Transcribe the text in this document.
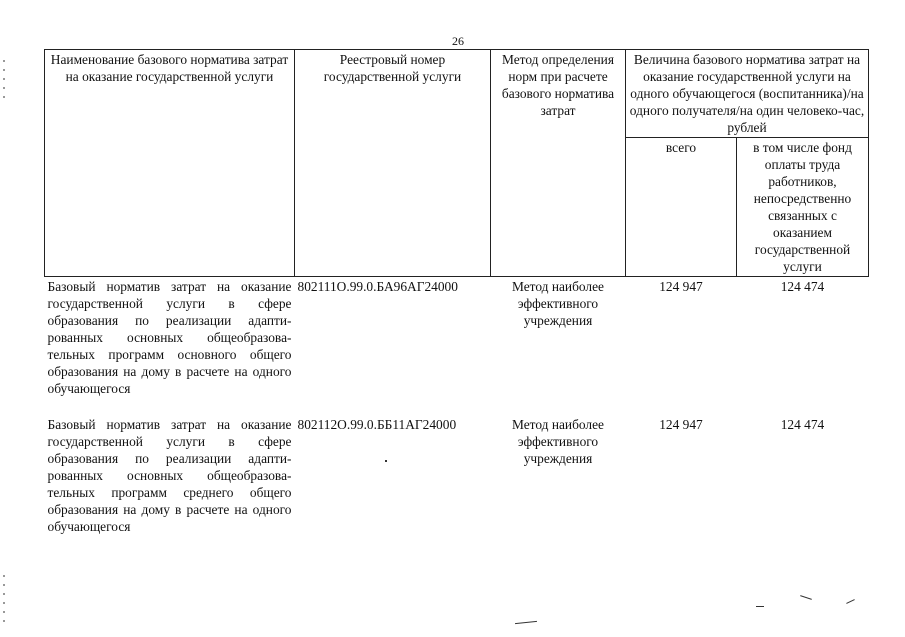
26
Наименование базового норматива затрат на оказание государственной услуги	Реестровый номер государственной услуги	Метод определения норм при расчете базового норматива затрат	Величина базового норматива затрат на оказание государственной услуги на одного обучающегося (воспитанника)/на одного получателя/на один человеко-час, рублей	
			всего	в том числе фонд оплаты труда работников, непосредственно связанных с оказанием государственной услуги
Базовый норматив затрат на оказание государственной услуги в сфере образования по реализации адаптированных основных общеобразовательных программ основного общего образования на дому в расчете на одного обучающегося	802111О.99.0.БА96АГ24000	Метод наиболее эффективного учреждения	124 947	124 474
Базовый норматив затрат на оказание государственной услуги в сфере образования по реализации адаптированных основных общеобразовательных программ среднего общего образования на дому в расчете на одного обучающегося	802112О.99.0.ББ11АГ24000	Метод наиболее эффективного учреждения	124 947	124 474
